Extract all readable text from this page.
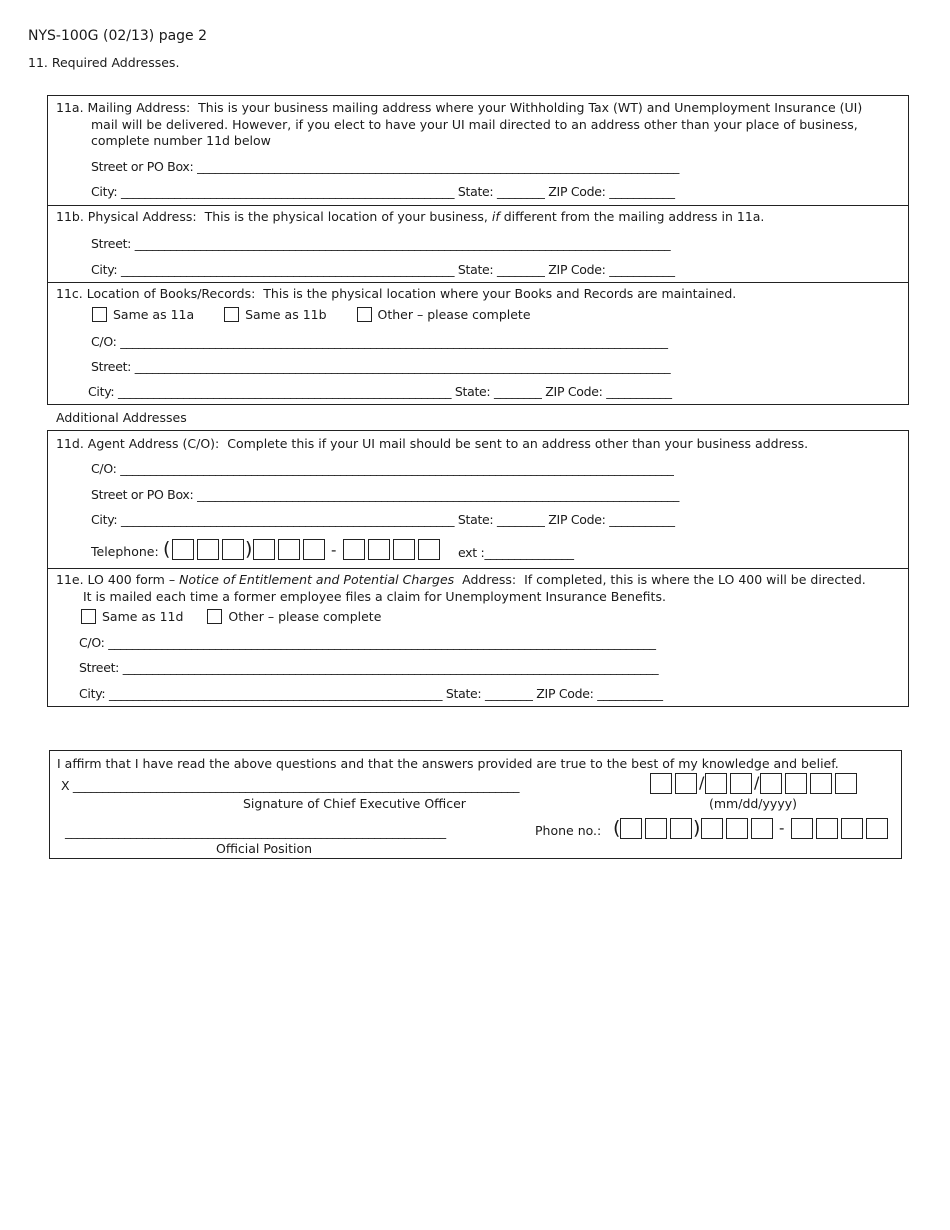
NYS-100G (02/13) page 2
11. Required Addresses.
11a. Mailing Address: This is your business mailing address where your Withholding Tax (WT) and Unemployment Insurance (UI)
mail will be delivered. However, if you elect to have your UI mail directed to an address other than your place of business,
complete number 11d below
Street or PO Box: _________________________________________________________________________________
City: ________________________________________________________ State: ________ ZIP Code: ___________
11b. Physical Address: This is the physical location of your business, if different from the mailing address in 11a.
Street: __________________________________________________________________________________________
City: ________________________________________________________ State: ________ ZIP Code: ___________
11c. Location of Books/Records: This is the physical location where your Books and Records are maintained.
Same as 11a	Same as 11b	Other – please complete
C/O: ____________________________________________________________________________________________
Street: __________________________________________________________________________________________
City: ________________________________________________________ State: ________ ZIP Code: ___________
Additional Addresses
11d. Agent Address (C/O): Complete this if your UI mail should be sent to an address other than your business address.
C/O: _____________________________________________________________________________________________
Street or PO Box: _________________________________________________________________________________
City: ________________________________________________________ State: ________ ZIP Code: ___________
Telephone: (	)	-	ext :_______________
11e. LO 400 form – Notice of Entitlement and Potential Charges Address: If completed, this is where the LO 400 will be directed.
It is mailed each time a former employee files a claim for Unemployment Insurance Benefits.
Same as 11d	Other – please complete
C/O: ____________________________________________________________________________________________
Street: __________________________________________________________________________________________
City: ________________________________________________________ State: ________ ZIP Code: ___________
I affirm that I have read the above questions and that the answers provided are true to the best of my knowledge and belief.
X ___________________________________________________________________________
Signature of Chief Executive Officer
/	/
(mm/dd/yyyy)
________________________________________________________________
Official Position
Phone no.: (	)	-
